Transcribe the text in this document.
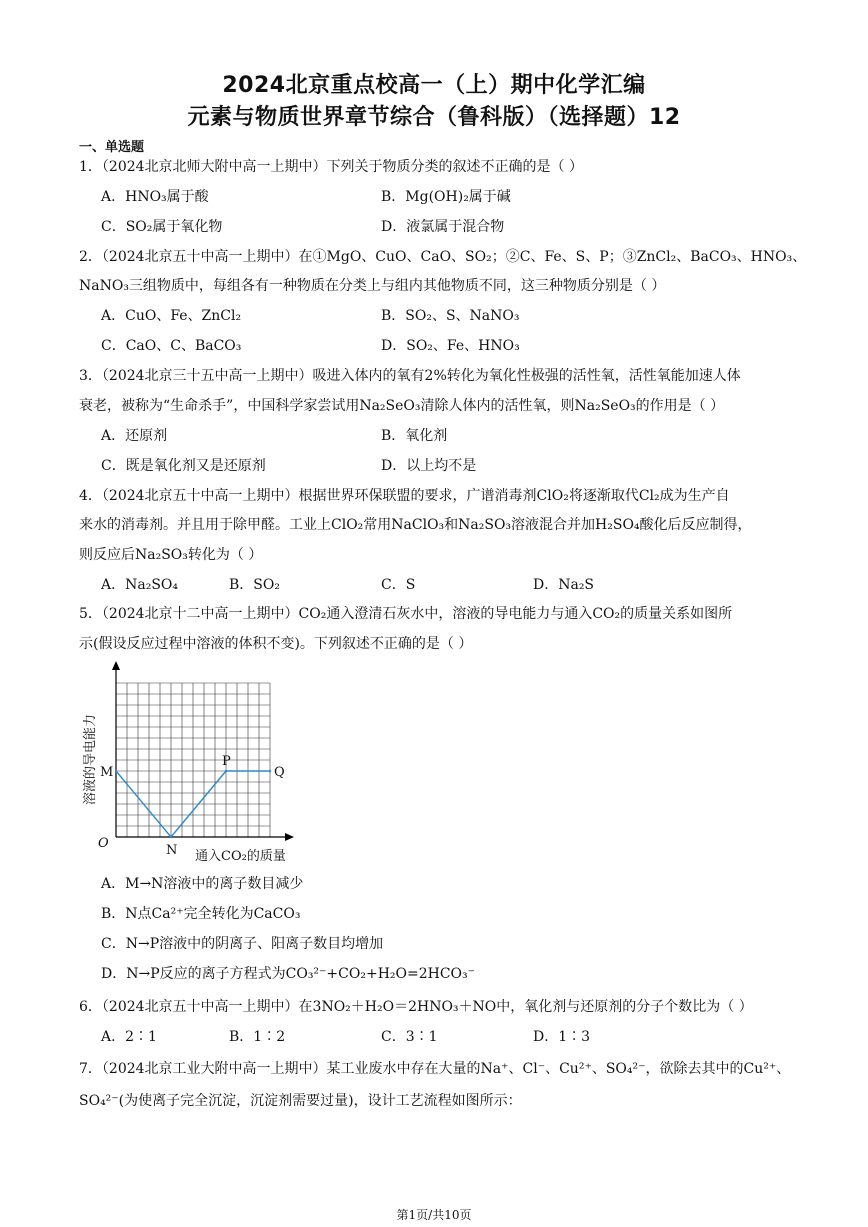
2024北京重点校高一（上）期中化学汇编
元素与物质世界章节综合（鲁科版）（选择题）12
一、单选题
1．（2024北京北师大附中高一上期中）下列关于物质分类的叙述不正确的是（ ）
A．HNO₃属于酸	B．Mg(OH)₂属于碱
C．SO₂属于氧化物	D．液氯属于混合物
2．（2024北京五十中高一上期中）在①MgO、CuO、CaO、SO₂；②C、Fe、S、P；③ZnCl₂、BaCO₃、HNO₃、
NaNO₃三组物质中，每组各有一种物质在分类上与组内其他物质不同，这三种物质分别是（ ）
A．CuO、Fe、ZnCl₂	B．SO₂、S、NaNO₃
C．CaO、C、BaCO₃	D．SO₂、Fe、HNO₃
3．（2024北京三十五中高一上期中）吸进入体内的氧有2%转化为氧化性极强的活性氧，活性氧能加速人体
衰老，被称为“生命杀手”，中国科学家尝试用Na₂SeO₃清除人体内的活性氧，则Na₂SeO₃的作用是（ ）
A．还原剂	B．氧化剂
C．既是氧化剂又是还原剂	D．以上均不是
4．（2024北京五十中高一上期中）根据世界环保联盟的要求，广谱消毒剂ClO₂将逐渐取代Cl₂成为生产自
来水的消毒剂。并且用于除甲醛。工业上ClO₂常用NaClO₃和Na₂SO₃溶液混合并加H₂SO₄酸化后反应制得，
则反应后Na₂SO₃转化为（ ）
A．Na₂SO₄	B．SO₂	C．S	D．Na₂S
5．（2024北京十二中高一上期中）CO₂通入澄清石灰水中，溶液的导电能力与通入CO₂的质量关系如图所
示(假设反应过程中溶液的体积不变)。下列叙述不正确的是（ ）
M
N
P
Q
O
通入CO₂的质量
溶液的导电能力
A．M→N溶液中的离子数目减少
B．N点Ca²⁺完全转化为CaCO₃
C．N→P溶液中的阴离子、阳离子数目均增加
D．N→P反应的离子方程式为CO₃²⁻+CO₂+H₂O=2HCO₃⁻
6．（2024北京五十中高一上期中）在3NO₂＋H₂O＝2HNO₃＋NO中，氧化剂与还原剂的分子个数比为（ ）
A．2∶1	B．1∶2	C．3∶1	D．1∶3
7．（2024北京工业大附中高一上期中）某工业废水中存在大量的Na⁺、Cl⁻、Cu²⁺、SO₄²⁻，欲除去其中的Cu²⁺、
SO₄²⁻(为使离子完全沉淀，沉淀剂需要过量)，设计工艺流程如图所示：
第1页/共10页
